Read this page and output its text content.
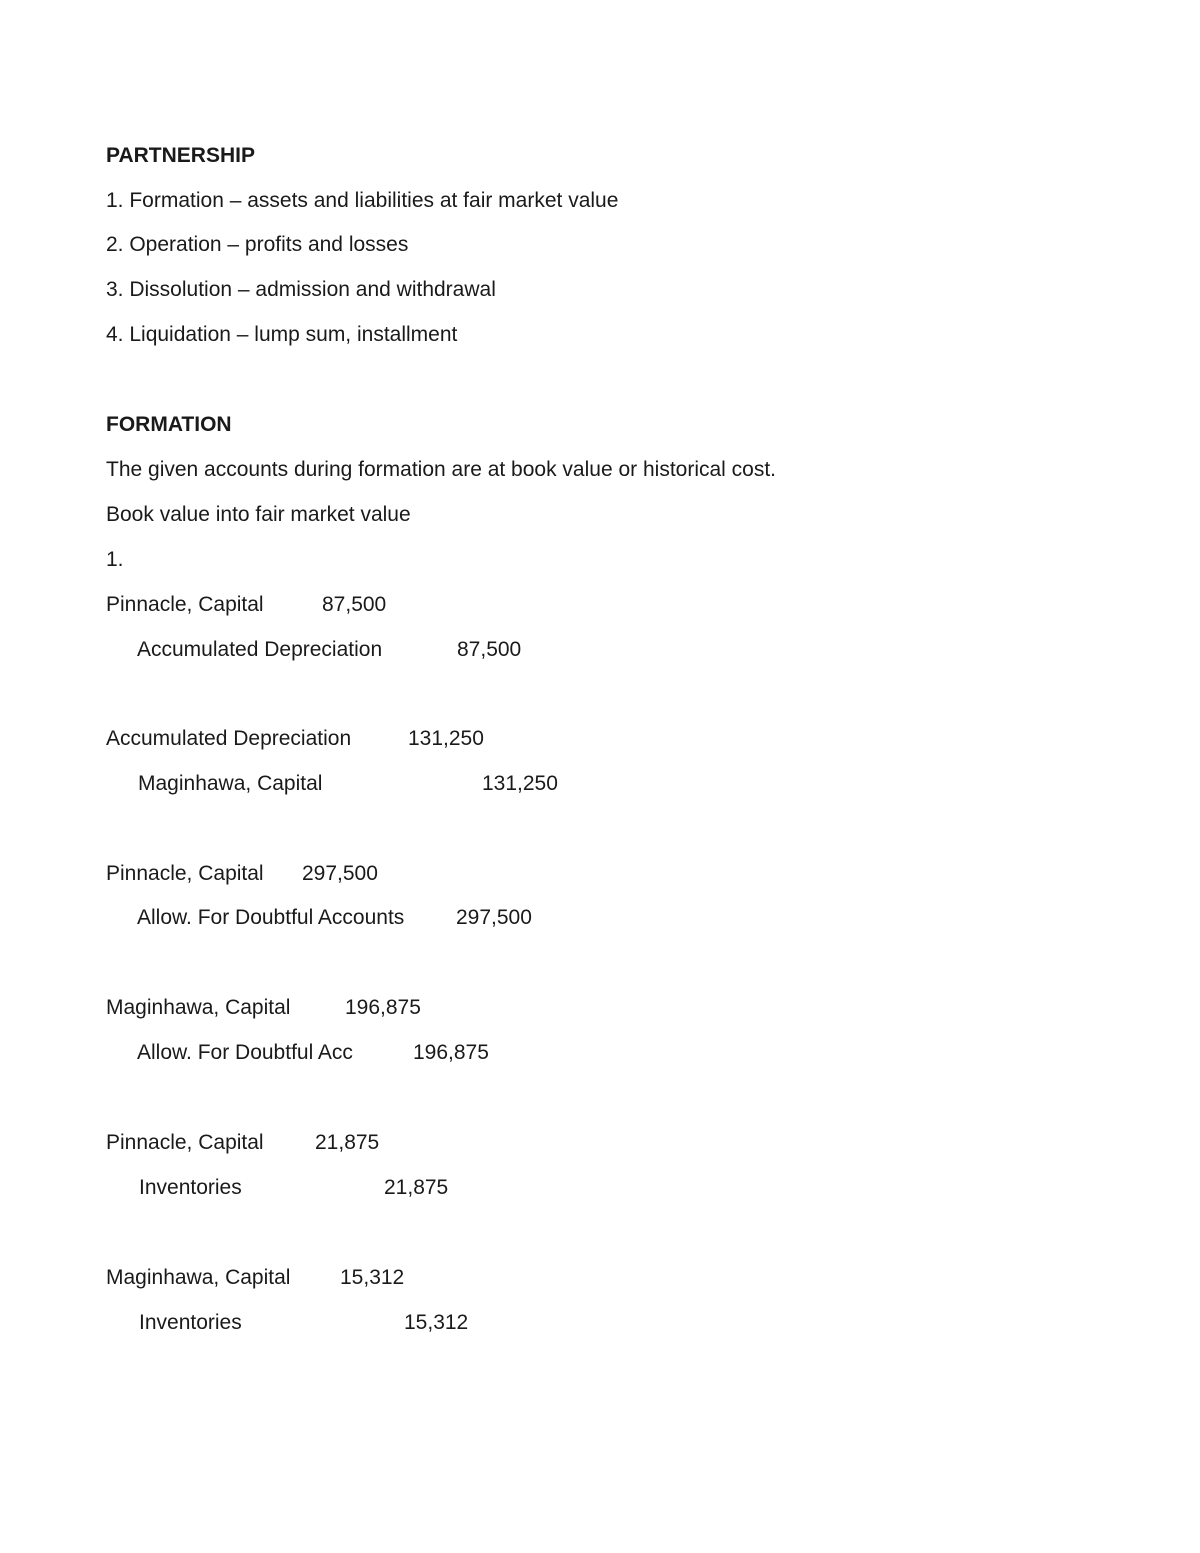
PARTNERSHIP
1. Formation – assets and liabilities at fair market value
2. Operation – profits and losses
3. Dissolution – admission and withdrawal
4. Liquidation – lump sum, installment
FORMATION
The given accounts during formation are at book value or historical cost.
Book value into fair market value
1.
Pinnacle, Capital	87,500
Accumulated Depreciation	87,500
Accumulated Depreciation	131,250
Maginhawa, Capital	131,250
Pinnacle, Capital 297,500
Allow. For Doubtful Accounts 297,500
Maginhawa, Capital	196,875
Allow. For Doubtful Acc	196,875
Pinnacle, Capital 21,875
Inventories	21,875
Maginhawa, Capital 15,312
Inventories	15,312
